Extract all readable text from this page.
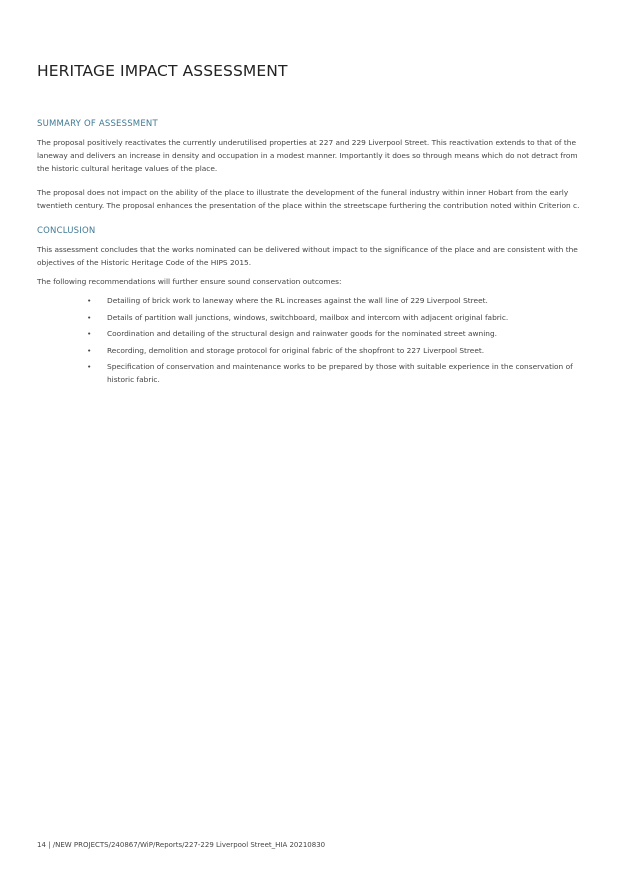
HERITAGE IMPACT ASSESSMENT
SUMMARY OF ASSESSMENT

The proposal positively reactivates the currently underutilised properties at 227 and 229 Liverpool Street. This reactivation extends to that of the laneway and delivers an increase in density and occupation in a modest manner. Importantly it does so through means which do not detract from the historic cultural heritage values of the place.

The proposal does not impact on the ability of the place to illustrate the development of the funeral industry within inner Hobart from the early twentieth century. The proposal enhances the presentation of the place within the streetscape furthering the contribution noted within Criterion c.

CONCLUSION

This assessment concludes that the works nominated can be delivered without impact to the significance of the place and are consistent with the objectives of the Historic Heritage Code of the HIPS 2015.

The following recommendations will further ensure sound conservation outcomes:

• Detailing of brick work to laneway where the RL increases against the wall line of 229 Liverpool Street.
• Details of partition wall junctions, windows, switchboard, mailbox and intercom with adjacent original fabric.
• Coordination and detailing of the structural design and rainwater goods for the nominated street awning.
• Recording, demolition and storage protocol for original fabric of the shopfront to 227 Liverpool Street.
• Specification of conservation and maintenance works to be prepared by those with suitable experience in the conservation of historic fabric.
14 | /NEW PROJECTS/240867/WiP/Reports/227-229 Liverpool Street_HIA 20210830
